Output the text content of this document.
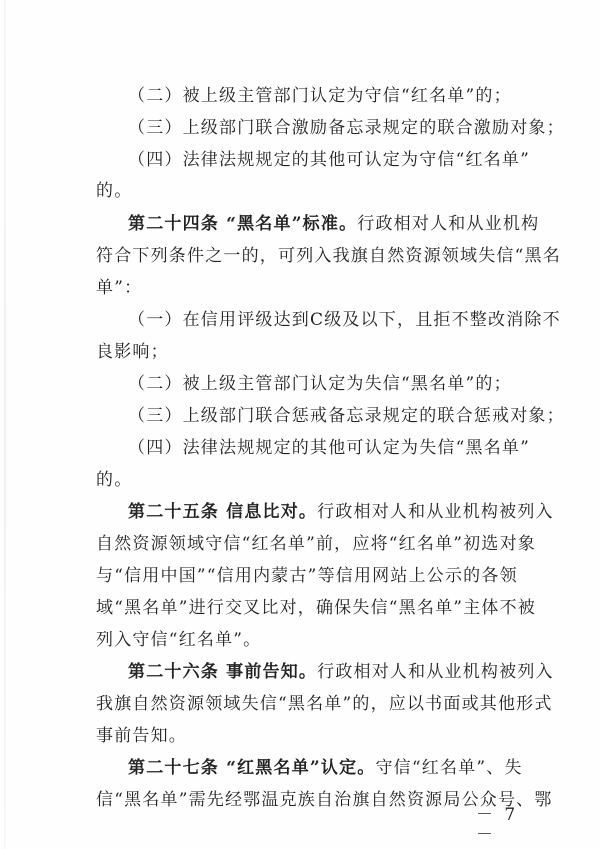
（二）被上级主管部门认定为守信“红名单”的；
（三）上级部门联合激励备忘录规定的联合激励对象；
（四）法律法规规定的其他可认定为守信“红名单”
的。
第二十四条 “黑名单”标准。行政相对人和从业机构
符合下列条件之一的，可列入我旗自然资源领域失信“黑名
单”：
（一）在信用评级达到C级及以下，且拒不整改消除不
良影响；
（二）被上级主管部门认定为失信“黑名单”的；
（三）上级部门联合惩戒备忘录规定的联合惩戒对象；
（四）法律法规规定的其他可认定为失信“黑名单”
的。
第二十五条 信息比对。行政相对人和从业机构被列入
自然资源领域守信“红名单”前，应将“红名单”初选对象
与“信用中国”“信用内蒙古”等信用网站上公示的各领
域“黑名单”进行交叉比对，确保失信“黑名单”主体不被
列入守信“红名单”。
第二十六条 事前告知。行政相对人和从业机构被列入
我旗自然资源领域失信“黑名单”的，应以书面或其他形式
事前告知。
第二十七条 “红黑名单”认定。守信“红名单”、失
信“黑名单”需先经鄂温克族自治旗自然资源局公众号、鄂
－ 7 －
